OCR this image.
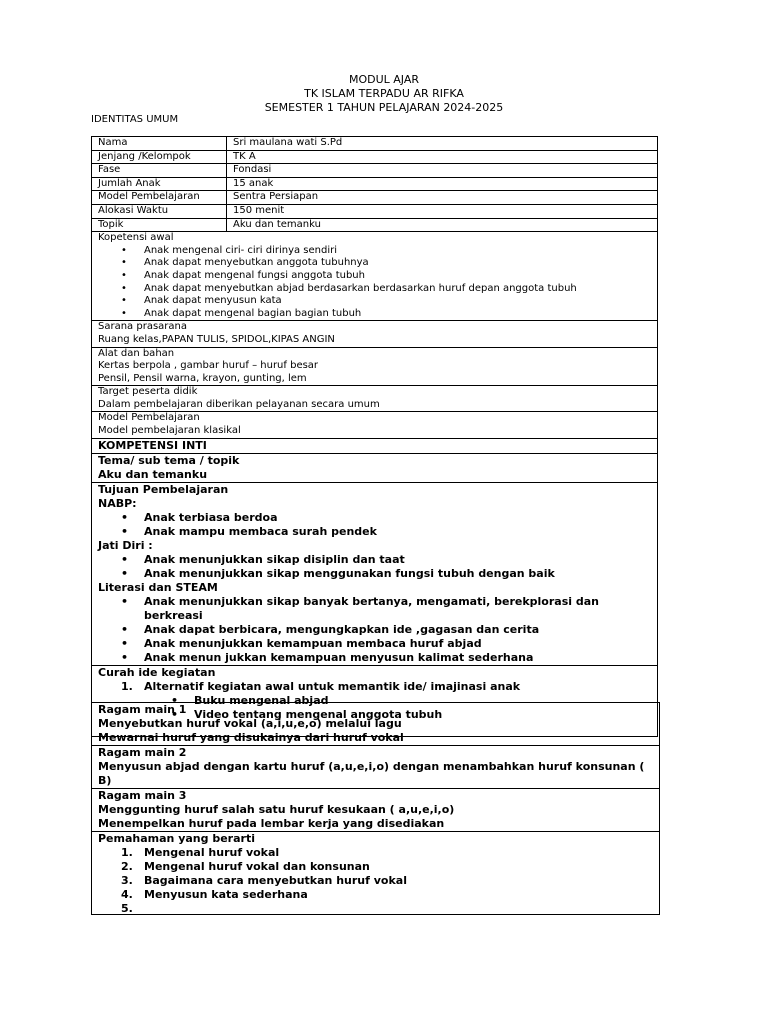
MODUL AJAR
TK ISLAM TERPADU AR RIFKA
SEMESTER 1 TAHUN PELAJARAN 2024-2025
IDENTITAS UMUM
Nama	Sri maulana wati S.Pd
Jenjang /Kelompok	TK A
Fase	Fondasi
Jumlah Anak	15 anak
Model Pembelajaran	Sentra Persiapan
Alokasi Waktu	150 menit
Topik	Aku dan temanku
Kopetensi awal
• Anak mengenal ciri- ciri dirinya sendiri
• Anak dapat menyebutkan anggota tubuhnya
• Anak dapat mengenal fungsi anggota tubuh
• Anak dapat menyebutkan abjad berdasarkan berdasarkan huruf depan anggota tubuh
• Anak dapat menyusun kata
• Anak dapat mengenal bagian bagian tubuh
Sarana prasarana
Ruang kelas,PAPAN TULIS, SPIDOL,KIPAS ANGIN
Alat dan bahan
Kertas berpola , gambar huruf – huruf besar
Pensil, Pensil warna, krayon, gunting, lem
Target peserta didik
Dalam pembelajaran diberikan pelayanan secara umum
Model Pembelajaran
Model pembelajaran klasikal
KOMPETENSI INTI
Tema/ sub tema / topik
Aku dan temanku
Tujuan Pembelajaran
NABP:
• Anak terbiasa berdoa
• Anak mampu membaca surah pendek
Jati Diri :
• Anak menunjukkan sikap disiplin dan taat
• Anak menunjukkan sikap menggunakan fungsi tubuh dengan baik
Literasi dan STEAM
• Anak menunjukkan sikap banyak bertanya, mengamati, berekplorasi dan berkreasi
• Anak dapat berbicara, mengungkapkan ide ,gagasan dan cerita
• Anak menunjukkan kemampuan membaca huruf abjad
• Anak menun jukkan kemampuan menyusun kalimat sederhana
Curah ide kegiatan
1. Alternatif kegiatan awal untuk memantik ide/ imajinasi anak
• Buku mengenal abjad
• Video tentang mengenal anggota tubuh
Ragam main 1
Menyebutkan huruf vokal (a,i,u,e,o) melalui lagu
Mewarnai huruf yang disukainya dari huruf vokal
Ragam main 2
Menyusun abjad dengan kartu huruf (a,u,e,i,o) dengan menambahkan huruf konsunan ( B)
Ragam main 3
Menggunting huruf salah satu huruf kesukaan ( a,u,e,i,o)
Menempelkan huruf pada lembar kerja yang disediakan
Pemahaman yang berarti
1. Mengenal huruf vokal
2. Mengenal huruf vokal dan konsunan
3. Bagaimana cara menyebutkan huruf vokal
4. Menyusun kata sederhana
5.
